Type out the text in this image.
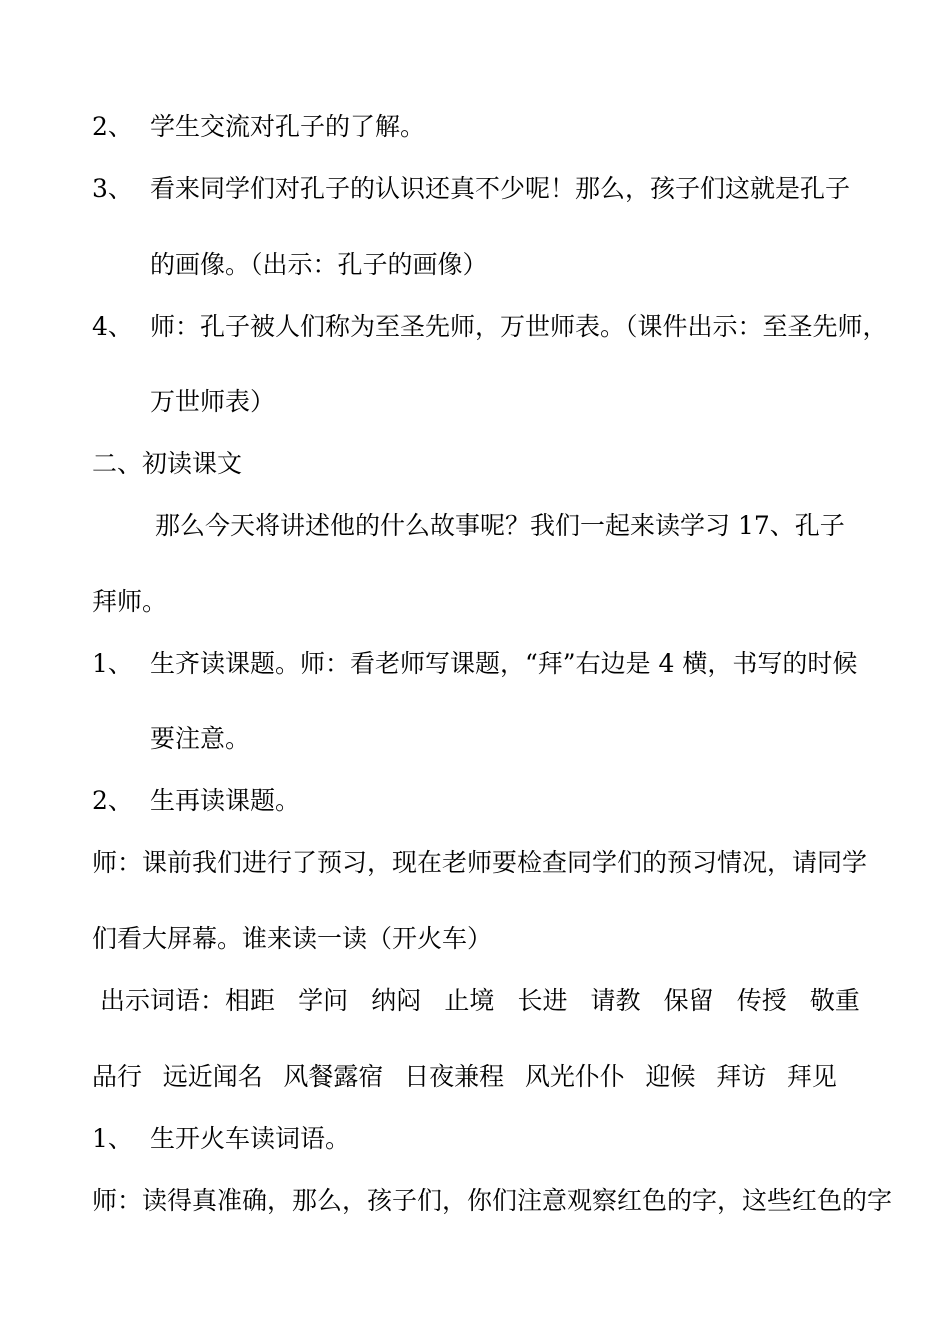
2、 学生交流对孔子的了解。
3、 看来同学们对孔子的认识还真不少呢！那么，孩子们这就是孔子
的画像。（出示：孔子的画像）
4、 师：孔子被人们称为至圣先师，万世师表。（课件出示：至圣先师，
万世师表）
二、初读课文
那么今天将讲述他的什么故事呢？我们一起来读学习 17、孔子
拜师。
1、 生齐读课题。师：看老师写课题，“拜”右边是 4 横，书写的时候
要注意。
2、 生再读课题。
师：课前我们进行了预习，现在老师要检查同学们的预习情况，请同学
们看大屏幕。谁来读一读（开火车）
出示词语：相距 学问 纳闷 止境 长进 请教 保留 传授 敬重
品行 远近闻名 风餐露宿 日夜兼程 风光仆仆 迎候 拜访 拜见
1、 生开火车读词语。
师：读得真准确，那么，孩子们，你们注意观察红色的字，这些红色的字
